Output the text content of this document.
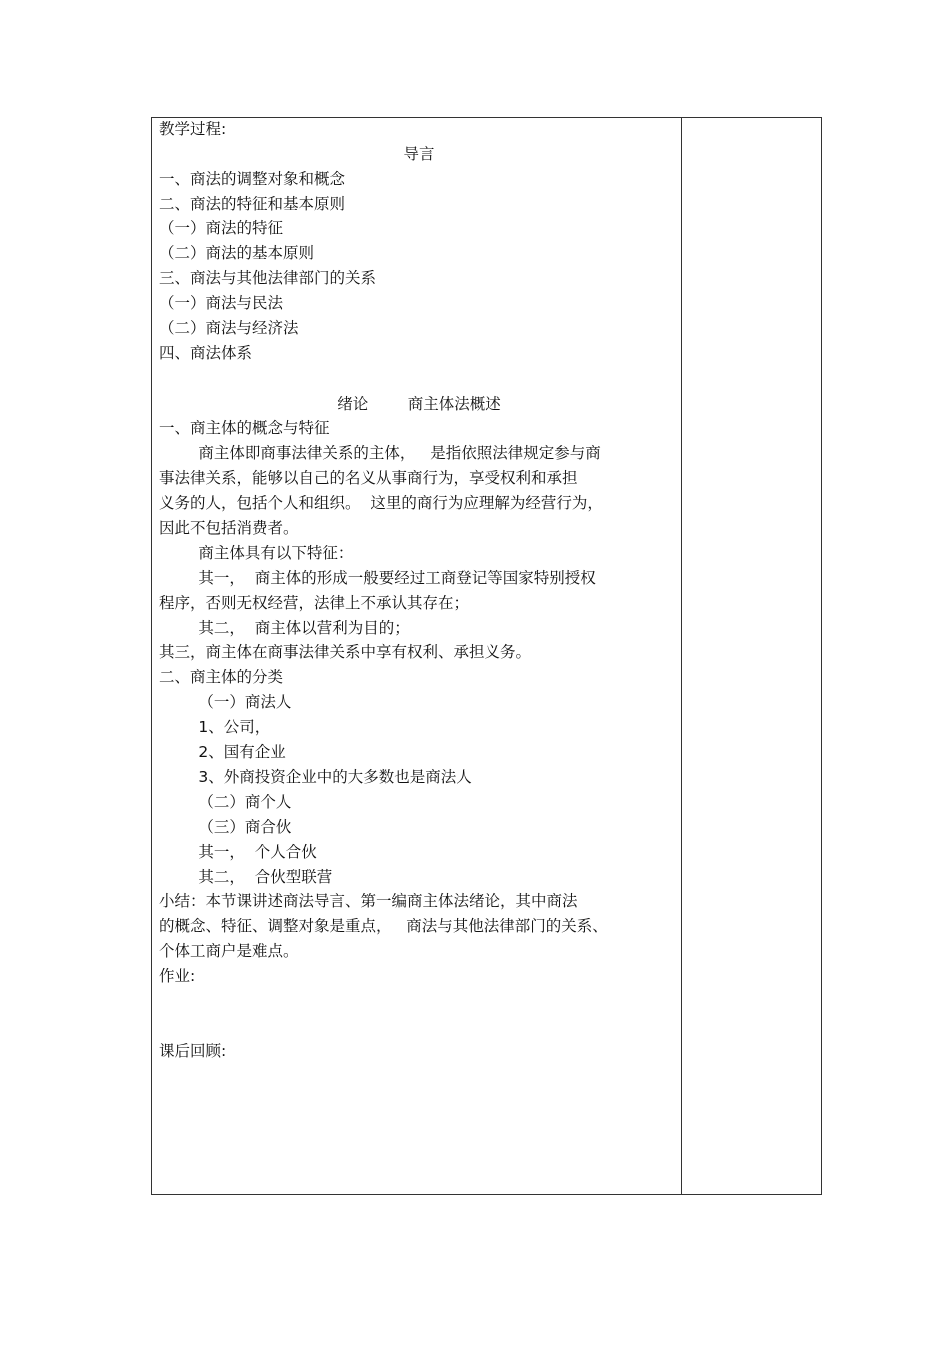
教学过程:
导言
一、商法的调整对象和概念
二、商法的特征和基本原则
（一）商法的特征
（二）商法的基本原则
三、商法与其他法律部门的关系
（一）商法与民法
（二）商法与经济法
四、商法体系
绪论        商主体法概述
一、商主体的概念与特征
商主体即商事法律关系的主体，   是指依照法律规定参与商
事法律关系，能够以自己的名义从事商行为，享受权利和承担
义务的人，包括个人和组织。  这里的商行为应理解为经营行为，
因此不包括消费者。
商主体具有以下特征：
其一，  商主体的形成一般要经过工商登记等国家特别授权
程序，否则无权经营，法律上不承认其存在；
其二，  商主体以营利为目的；
其三，商主体在商事法律关系中享有权利、承担义务。
二、商主体的分类
（一）商法人
1、公司，
2、国有企业
3、外商投资企业中的大多数也是商法人
（二）商个人
（三）商合伙
其一，  个人合伙
其二，  合伙型联营
小结：本节课讲述商法导言、第一编商主体法绪论，其中商法
的概念、特征、调整对象是重点，   商法与其他法律部门的关系、
个体工商户是难点。
作业:
课后回顾:
